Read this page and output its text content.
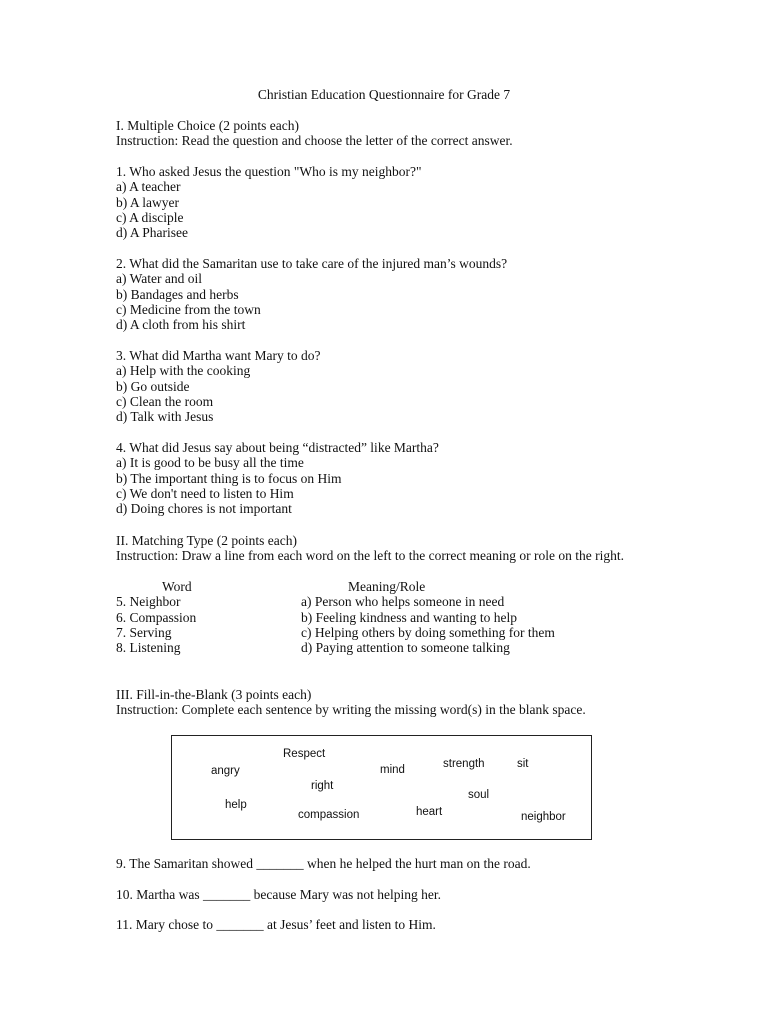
Christian Education Questionnaire for Grade 7
I. Multiple Choice (2 points each)
Instruction: Read the question and choose the letter of the correct answer.
1. Who asked Jesus the question "Who is my neighbor?"
a) A teacher
b) A lawyer
c) A disciple
d) A Pharisee
2. What did the Samaritan use to take care of the injured man’s wounds?
a) Water and oil
b) Bandages and herbs
c) Medicine from the town
d) A cloth from his shirt
3. What did Martha want Mary to do?
a) Help with the cooking
b) Go outside
c) Clean the room
d) Talk with Jesus
4. What did Jesus say about being “distracted” like Martha?
a) It is good to be busy all the time
b) The important thing is to focus on Him
c) We don't need to listen to Him
d) Doing chores is not important
II. Matching Type (2 points each)
Instruction: Draw a line from each word on the left to the correct meaning or role on the right.
Word	Meaning/Role
5. Neighbor	a) Person who helps someone in need
6. Compassion	b) Feeling kindness and wanting to help
7. Serving	c) Helping others by doing something for them
8. Listening	d) Paying attention to someone talking
III. Fill-in-the-Blank (3 points each)
Instruction: Complete each sentence by writing the missing word(s) in the blank space.
Respect
angry	mind	strength	sit
right
soul
help
compassion	heart	neighbor
9. The Samaritan showed _______ when he helped the hurt man on the road.
10. Martha was _______ because Mary was not helping her.
11. Mary chose to _______ at Jesus’ feet and listen to Him.
